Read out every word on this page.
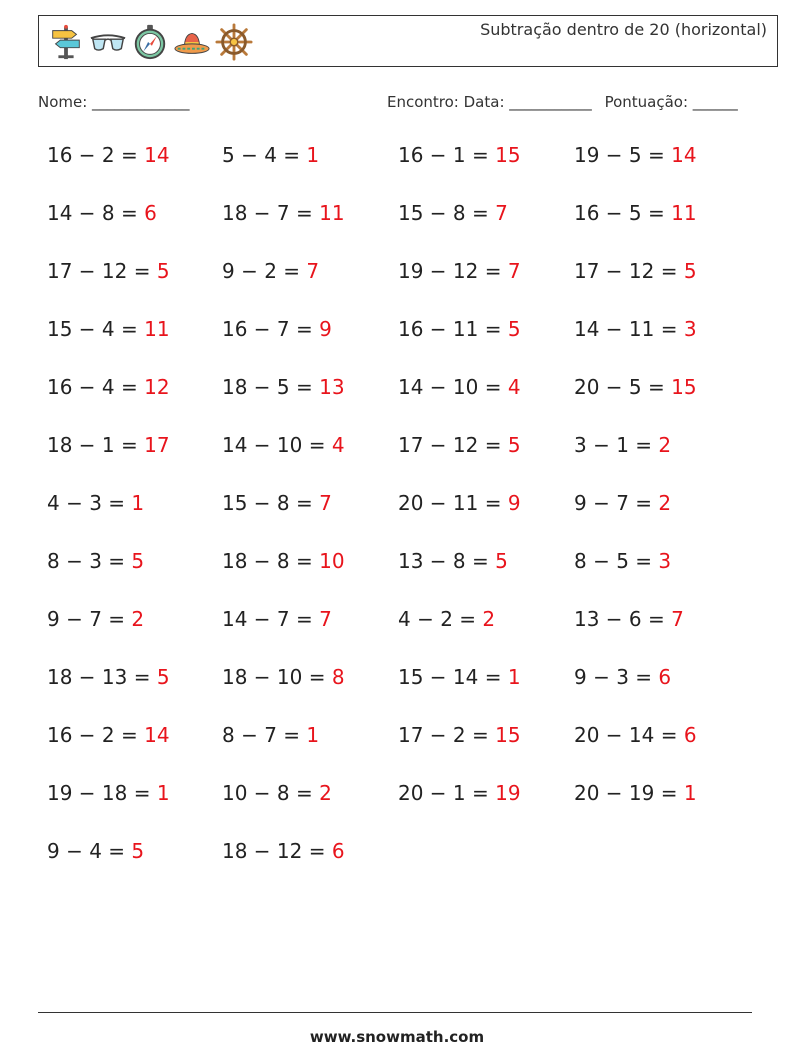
Subtração dentro de 20 (horizontal)
Nome: _____________	Encontro: Data: ___________ Pontuação: ______
16 − 2 = 14	5 − 4 = 1	16 − 1 = 15	19 − 5 = 14
14 − 8 = 6	18 − 7 = 11	15 − 8 = 7	16 − 5 = 11
17 − 12 = 5	9 − 2 = 7	19 − 12 = 7	17 − 12 = 5
15 − 4 = 11	16 − 7 = 9	16 − 11 = 5	14 − 11 = 3
16 − 4 = 12	18 − 5 = 13	14 − 10 = 4	20 − 5 = 15
18 − 1 = 17	14 − 10 = 4	17 − 12 = 5	3 − 1 = 2
4 − 3 = 1	15 − 8 = 7	20 − 11 = 9	9 − 7 = 2
8 − 3 = 5	18 − 8 = 10	13 − 8 = 5	8 − 5 = 3
9 − 7 = 2	14 − 7 = 7	4 − 2 = 2	13 − 6 = 7
18 − 13 = 5	18 − 10 = 8	15 − 14 = 1	9 − 3 = 6
16 − 2 = 14	8 − 7 = 1	17 − 2 = 15	20 − 14 = 6
19 − 18 = 1	10 − 8 = 2	20 − 1 = 19	20 − 19 = 1
9 − 4 = 5	18 − 12 = 6
www.snowmath.com
